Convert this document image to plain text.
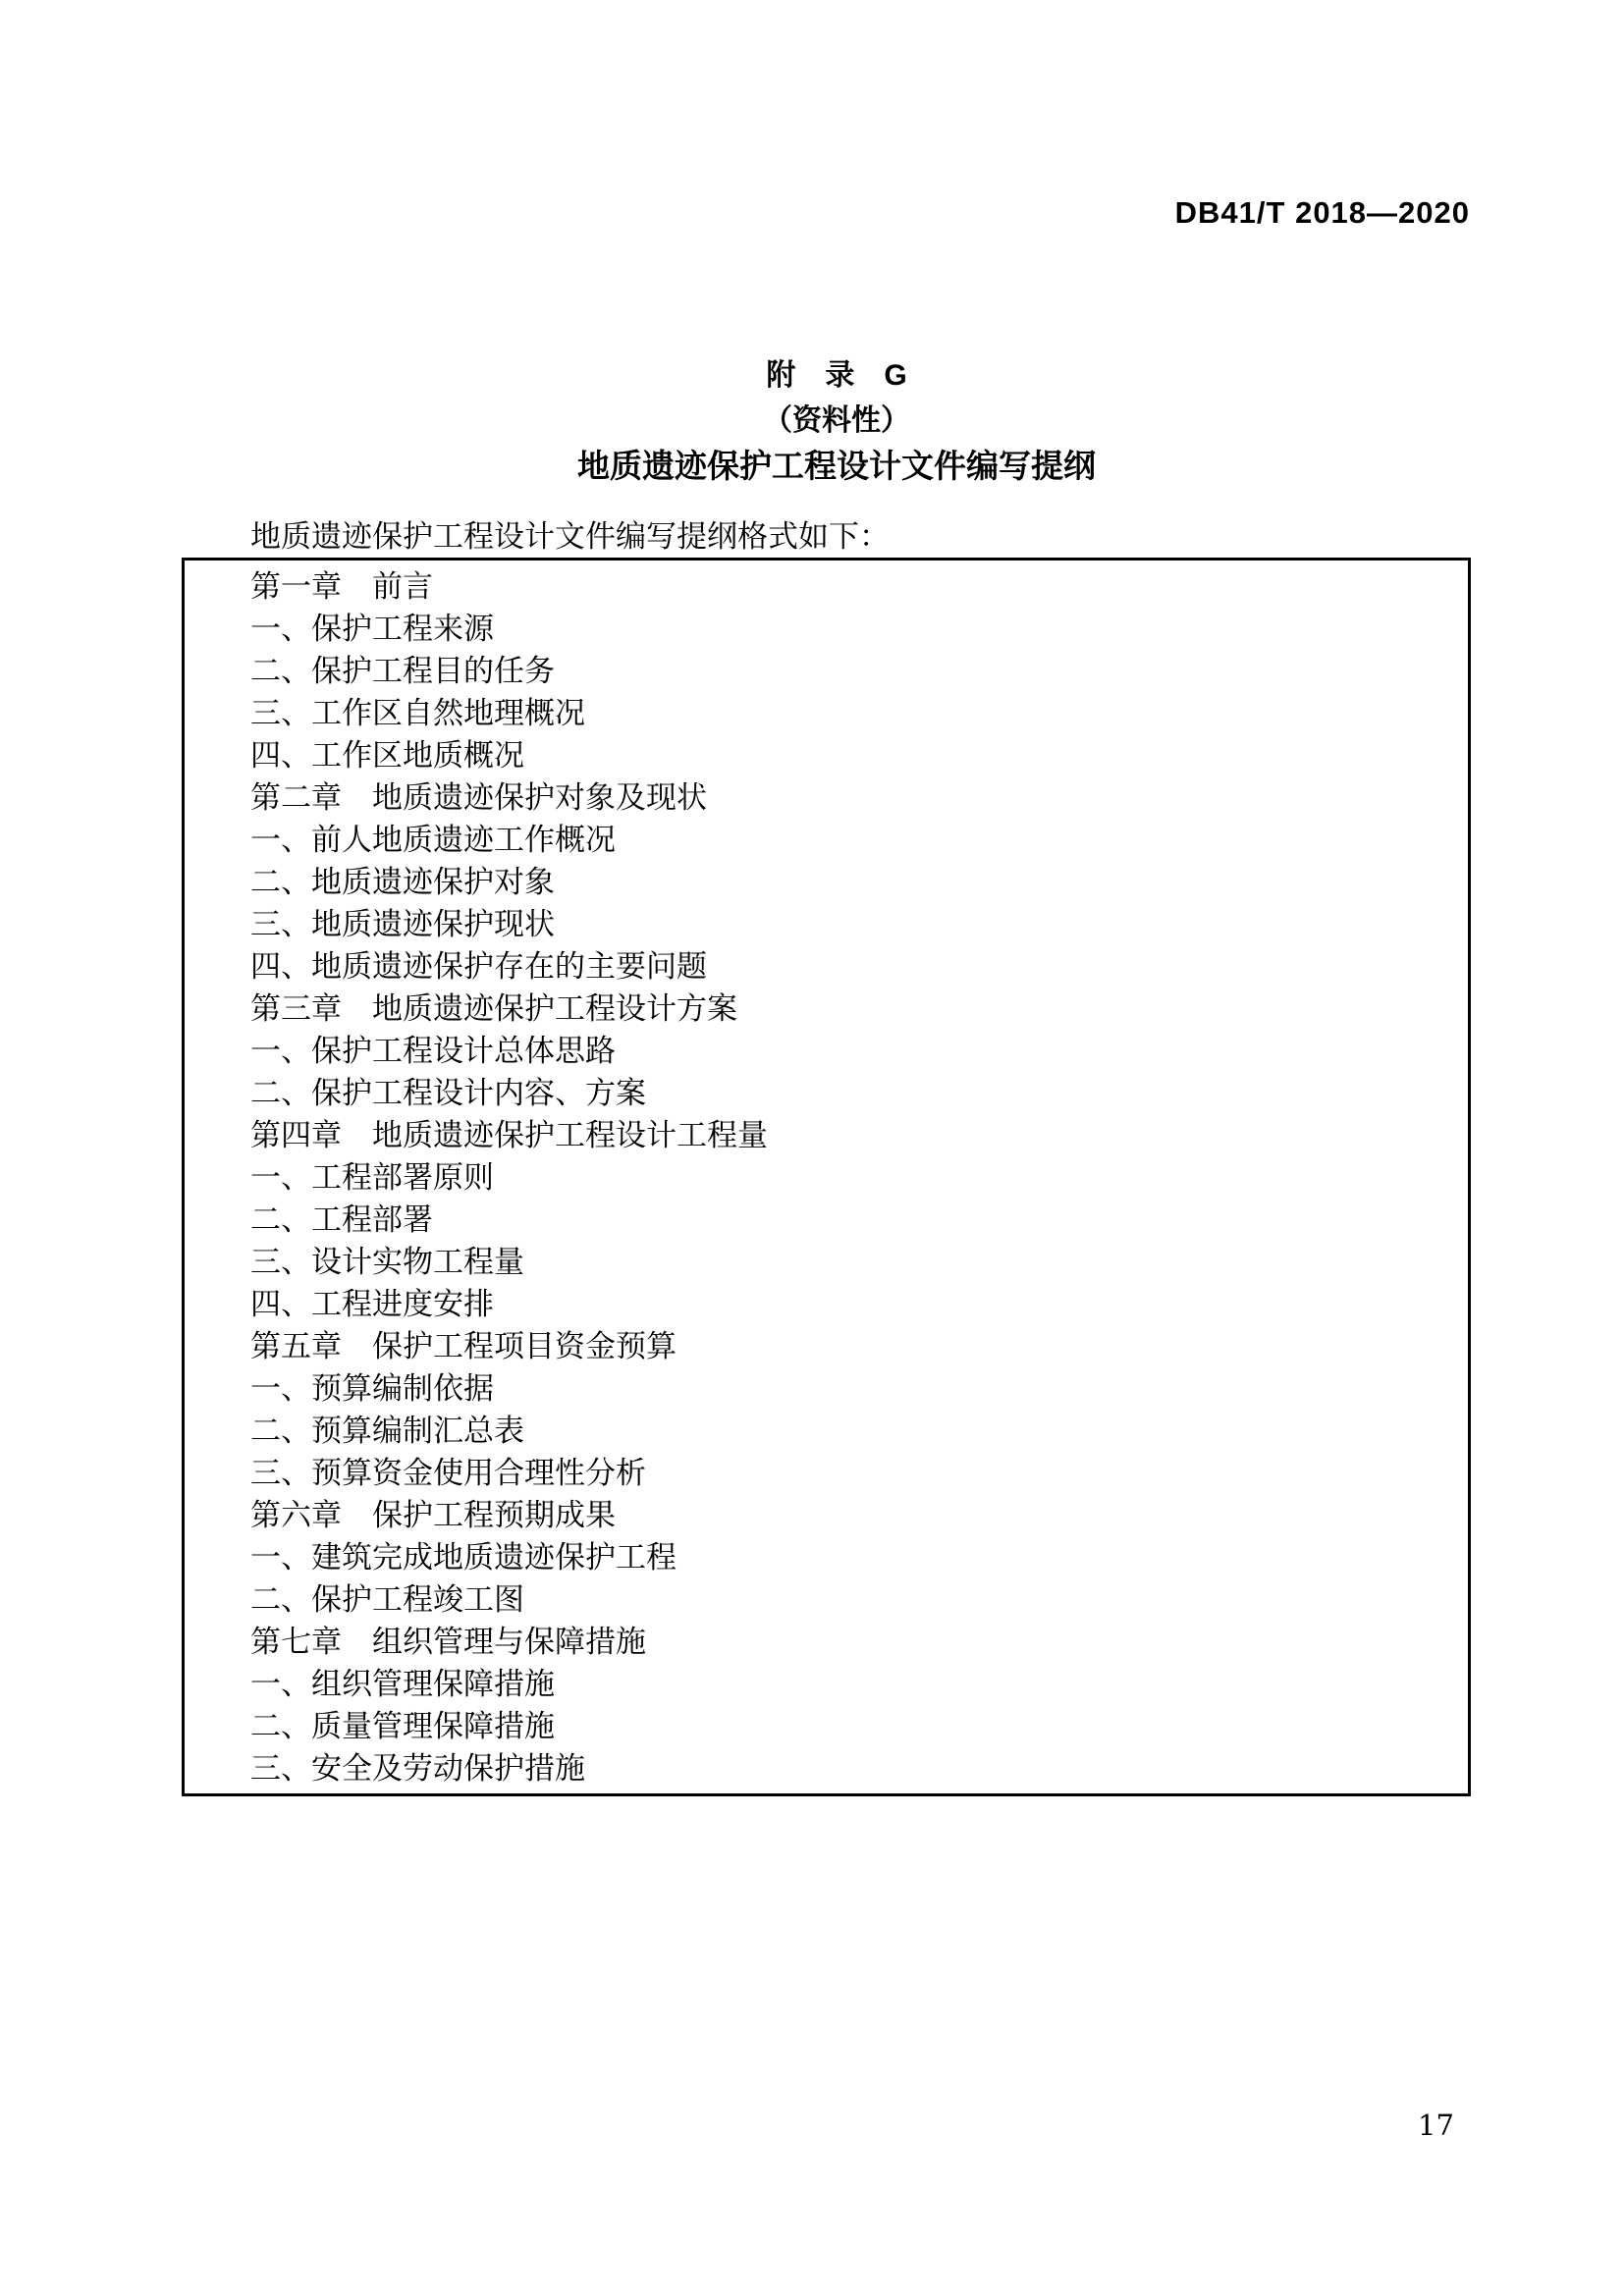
DB41/T 2018—2020
附　录　G
（资料性）
地质遗迹保护工程设计文件编写提纲
地质遗迹保护工程设计文件编写提纲格式如下：
第一章　前言
一、保护工程来源
二、保护工程目的任务
三、工作区自然地理概况
四、工作区地质概况
第二章　地质遗迹保护对象及现状
一、前人地质遗迹工作概况
二、地质遗迹保护对象
三、地质遗迹保护现状
四、地质遗迹保护存在的主要问题
第三章　地质遗迹保护工程设计方案
一、保护工程设计总体思路
二、保护工程设计内容、方案
第四章　地质遗迹保护工程设计工程量
一、工程部署原则
二、工程部署
三、设计实物工程量
四、工程进度安排
第五章　保护工程项目资金预算
一、预算编制依据
二、预算编制汇总表
三、预算资金使用合理性分析
第六章　保护工程预期成果
一、建筑完成地质遗迹保护工程
二、保护工程竣工图
第七章　组织管理与保障措施
一、组织管理保障措施
二、质量管理保障措施
三、安全及劳动保护措施
17
